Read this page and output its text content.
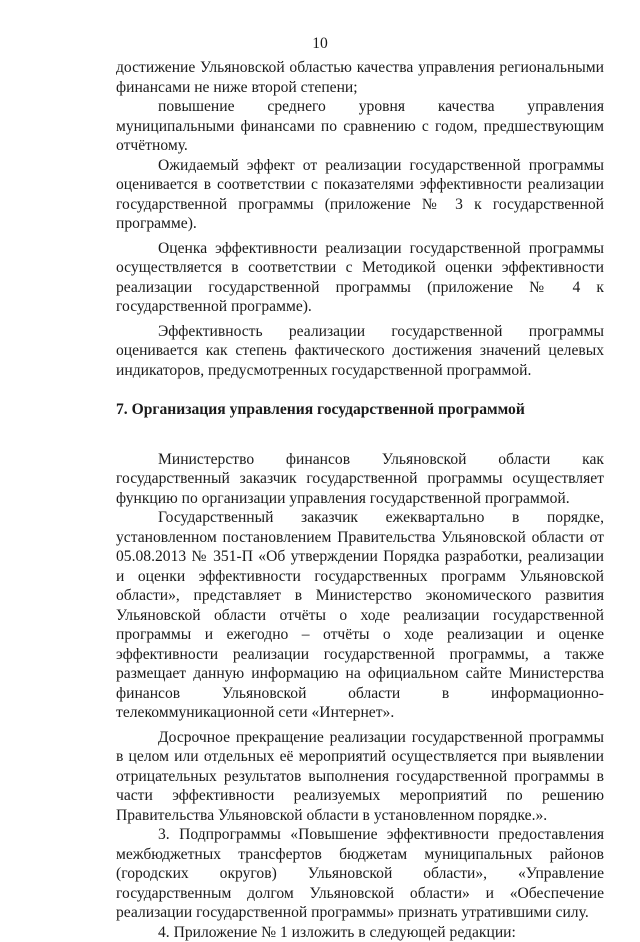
10

достижение Ульяновской областью качества управления региональными финансами не ниже второй степени;

повышение среднего уровня качества управления муниципальными финансами по сравнению с годом, предшествующим отчётному.

Ожидаемый эффект от реализации государственной программы оценивается в соответствии с показателями эффективности реализации государственной программы (приложение № 3 к государственной программе).

Оценка эффективности реализации государственной программы осуществляется в соответствии с Методикой оценки эффективности реализации государственной программы (приложение № 4 к государственной программе).

Эффективность реализации государственной программы оценивается как степень фактического достижения значений целевых индикаторов, предусмотренных государственной программой.

7. Организация управления государственной программой

Министерство финансов Ульяновской области как государственный заказчик государственной программы осуществляет функцию по организации управления государственной программой.

Государственный заказчик ежеквартально в порядке, установленном постановлением Правительства Ульяновской области от 05.08.2013 № 351-П «Об утверждении Порядка разработки, реализации и оценки эффективности государственных программ Ульяновской области», представляет в Министерство экономического развития Ульяновской области отчёты о ходе реализации государственной программы и ежегодно – отчёты о ходе реализации и оценке эффективности реализации государственной программы, а также размещает данную информацию на официальном сайте Министерства финансов Ульяновской области в информационно-телекоммуникационной сети «Интернет».

Досрочное прекращение реализации государственной программы в целом или отдельных её мероприятий осуществляется при выявлении отрицательных результатов выполнения государственной программы в части эффективности реализуемых мероприятий по решению Правительства Ульяновской области в установленном порядке.».

3. Подпрограммы «Повышение эффективности предоставления межбюджетных трансфертов бюджетам муниципальных районов (городских округов) Ульяновской области», «Управление государственным долгом Ульяновской области» и «Обеспечение реализации государственной программы» признать утратившими силу.

4. Приложение № 1 изложить в следующей редакции:
